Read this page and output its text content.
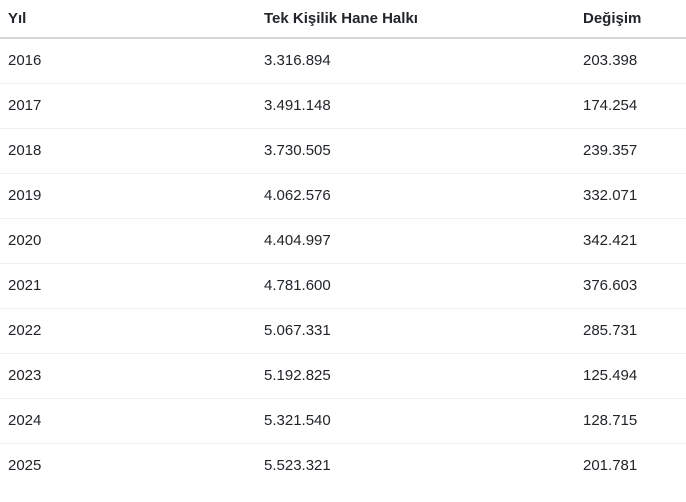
Yıl	Tek Kişilik Hane Halkı	Değişim
2016	3.316.894	203.398
2017	3.491.148	174.254
2018	3.730.505	239.357
2019	4.062.576	332.071
2020	4.404.997	342.421
2021	4.781.600	376.603
2022	5.067.331	285.731
2023	5.192.825	125.494
2024	5.321.540	128.715
2025	5.523.321	201.781
